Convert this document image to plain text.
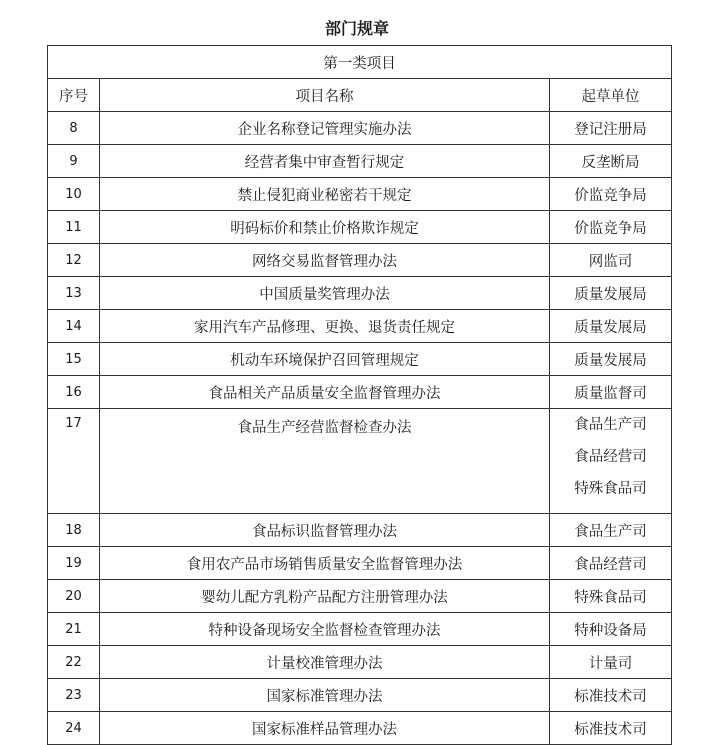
部门规章
第一类项目		
序号	项目名称	起草单位
8	企业名称登记管理实施办法	登记注册局
9	经营者集中审查暂行规定	反垄断局
10	禁止侵犯商业秘密若干规定	价监竞争局
11	明码标价和禁止价格欺诈规定	价监竞争局
12	网络交易监督管理办法	网监司
13	中国质量奖管理办法	质量发展局
14	家用汽车产品修理、更换、退货责任规定	质量发展局
15	机动车环境保护召回管理规定	质量发展局
16	食品相关产品质量安全监督管理办法	质量监督司
17	食品生产经营监督检查办法	食品生产司
食品经营司
特殊食品司

18	食品标识监督管理办法	食品生产司
19	食用农产品市场销售质量安全监督管理办法	食品经营司
20	婴幼儿配方乳粉产品配方注册管理办法	特殊食品司
21	特种设备现场安全监督检查管理办法	特种设备局
22	计量校准管理办法	计量司
23	国家标准管理办法	标准技术司
24	国家标准样品管理办法	标准技术司
